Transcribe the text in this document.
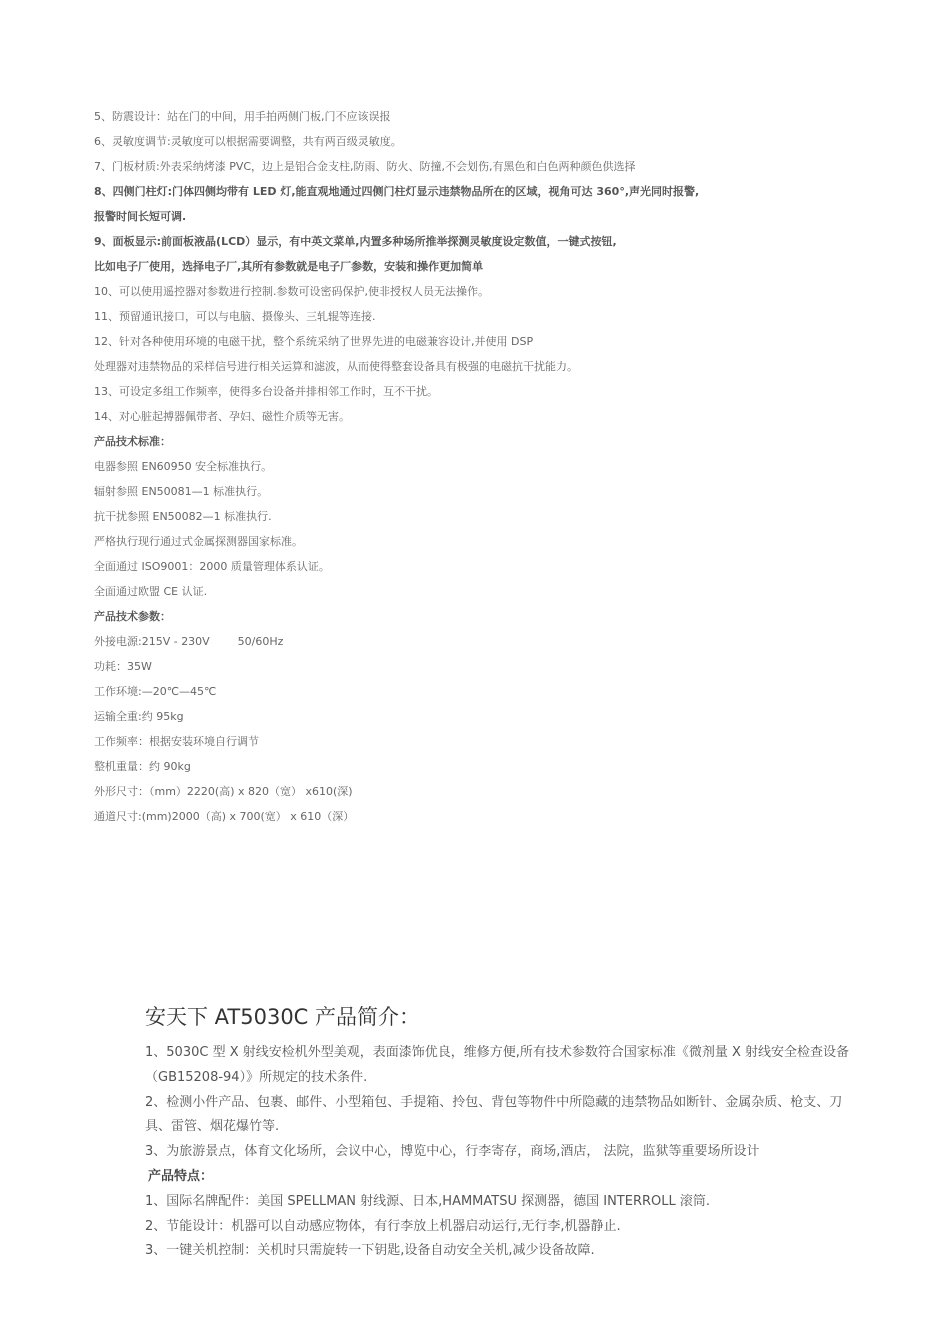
5、防震设计：站在门的中间，用手拍两侧门板,门不应该误报
6、灵敏度调节:灵敏度可以根据需要调整，共有两百级灵敏度。
7、门板材质:外表采纳烤漆 PVC，边上是铝合金支柱,防雨、防火、防撞,不会划伤,有黑色和白色两种颜色供选择
8、四侧门柱灯:门体四侧均带有 LED 灯,能直观地通过四侧门柱灯显示违禁物品所在的区域，视角可达 360°,声光同时报警,
报警时间长短可调.
9、面板显示:前面板液晶(LCD）显示，有中英文菜单,内置多种场所推举探测灵敏度设定数值，一键式按钮,
比如电子厂使用，选择电子厂,其所有参数就是电子厂参数，安装和操作更加简单
10、可以使用遥控器对参数进行控制.参数可设密码保护,使非授权人员无法操作。
11、预留通讯接口，可以与电脑、摄像头、三轧辊等连接.
12、针对各种使用环境的电磁干扰，整个系统采纳了世界先进的电磁兼容设计,并使用 DSP
处理器对违禁物品的采样信号进行相关运算和滤波，从而使得整套设备具有极强的电磁抗干扰能力。
13、可设定多组工作频率，使得多台设备并排相邻工作时，互不干扰。
14、对心脏起搏器佩带者、孕妇、磁性介质等无害。
产品技术标准：
电器参照 EN60950 安全标准执行。
辐射参照 EN50081—1 标准执行。
抗干扰参照 EN50082—1 标准执行.
严格执行现行通过式金属探测器国家标准。
全面通过 ISO9001：2000 质量管理体系认证。
全面通过欧盟 CE 认证.
产品技术参数：
外接电源:215V - 230V        50/60Hz
功耗：35W
工作环境:—20℃—45℃
运输全重:约 95kg
工作频率：根据安装环境自行调节
整机重量：约 90kg
外形尺寸：（mm）2220(高) x 820（宽） x610(深)
通道尺寸:(mm)2000（高) x 700(宽） x 610（深）
安天下 AT5030C 产品简介：
1、5030C 型 X 射线安检机外型美观，表面漆饰优良，维修方便,所有技术参数符合国家标准《微剂量 X 射线安全检查设备
（GB15208-94）》所规定的技术条件.
2、检测小件产品、包裹、邮件、小型箱包、手提箱、拎包、背包等物件中所隐藏的违禁物品如断针、金属杂质、枪支、刀
具、雷管、烟花爆竹等.
3、为旅游景点，体育文化场所，会议中心，博览中心，行李寄存，商场,酒店， 法院，监狱等重要场所设计
产品特点：
1、国际名牌配件：美国 SPELLMAN 射线源、日本,HAMMATSU 探测器，德国 INTERROLL 滚筒.
2、节能设计：机器可以自动感应物体，有行李放上机器启动运行,无行李,机器静止.
3、一键关机控制：关机时只需旋转一下钥匙,设备自动安全关机,减少设备故障.
